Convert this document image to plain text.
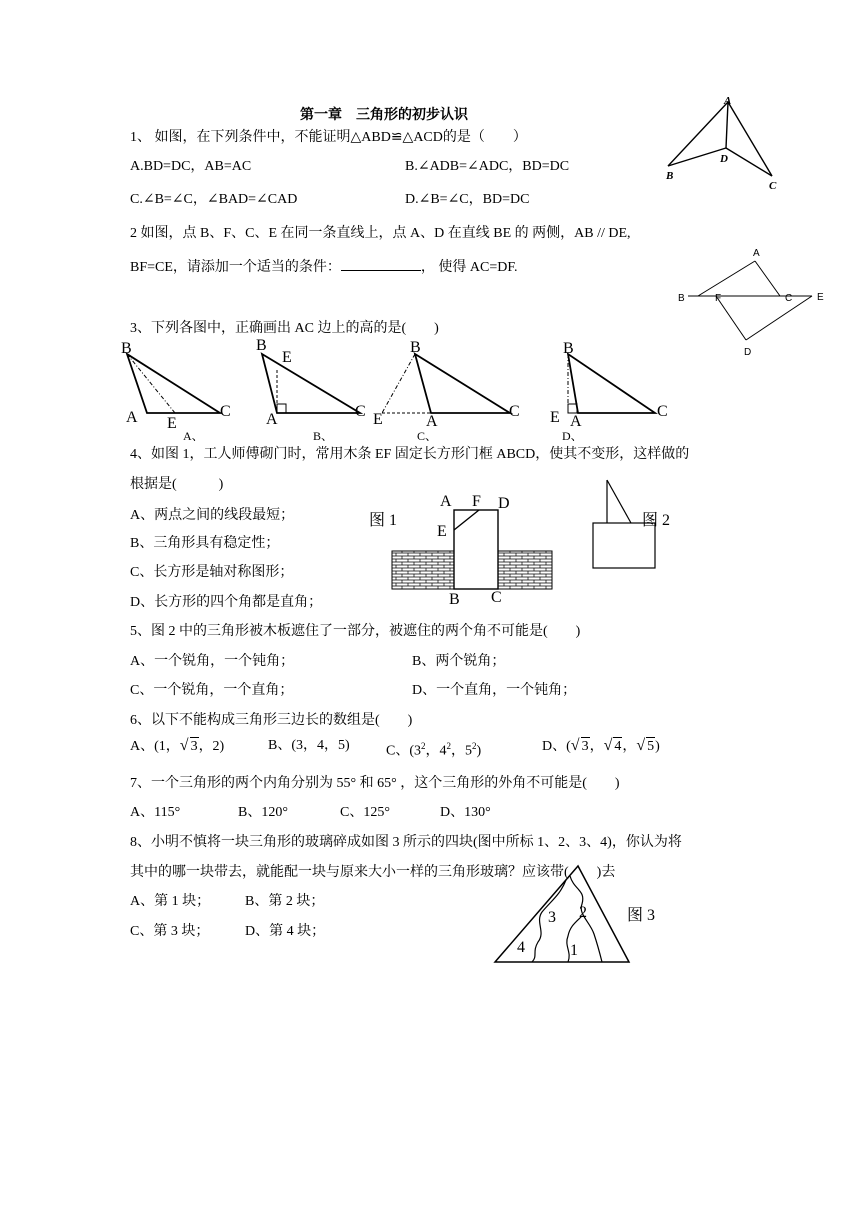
第一章　三角形的初步认识
1、 如图，在下列条件中，不能证明△ABD≌△ACD的是（　　）
A.BD=DC，AB=AC	B.∠ADB=∠ADC，BD=DC
C.∠B=∠C，∠BAD=∠CAD	D.∠B=∠C，BD=DC
A
B
C
D
2 如图，点 B、F、C、E 在同一条直线上，点 A、D 在直线 BE 的 两侧，AB // DE,
BF=CE，请添加一个适当的条件：	， 使得 AC=DF.
A
B	F	C E
D
3、下列各图中，正确画出 AC 边上的高的是(　　)
B
A E
C
A、
B
E
A	C
B、
B
E	A
C
C、
B
E A
C
D、
4、如图 1，工人师傅砌门时，常用木条 EF 固定长方形门框 ABCD，使其不变形，这样做的
根据是(　　　)
A、两点之间的线段最短；
B、三角形具有稳定性；
C、长方形是轴对称图形；
D、长方形的四个角都是直角；
图 1
A F D
E
B C
图 2
5、图 2 中的三角形被木板遮住了一部分，被遮住的两个角不可能是(　　)
A、一个锐角，一个钝角；	B、两个锐角；
C、一个锐角，一个直角；	D、一个直角，一个钝角；
6、以下不能构成三角形三边长的数组是(　　)
A、(1，√ 3，2)	B、(3，4，5)	C、($3^2$，$4^2$，$5^2$)	D、(√ 3，√ 4，√ 5)
7、一个三角形的两个内角分别为 55° 和 65° ，这个三角形的外角不可能是(　　)
A、115°	B、120°	C、125°	D、130°
8、小明不慎将一块三角形的玻璃碎成如图 3 所示的四块(图中所标 1、2、3、4)，你认为将
其中的哪一块带去，就能配一块与原来大小一样的三角形玻璃？应该带(　　)去
A、第 1 块； B、第 2 块；
C、第 3 块；	D、第 4 块；
图 3
3 2
4	1
